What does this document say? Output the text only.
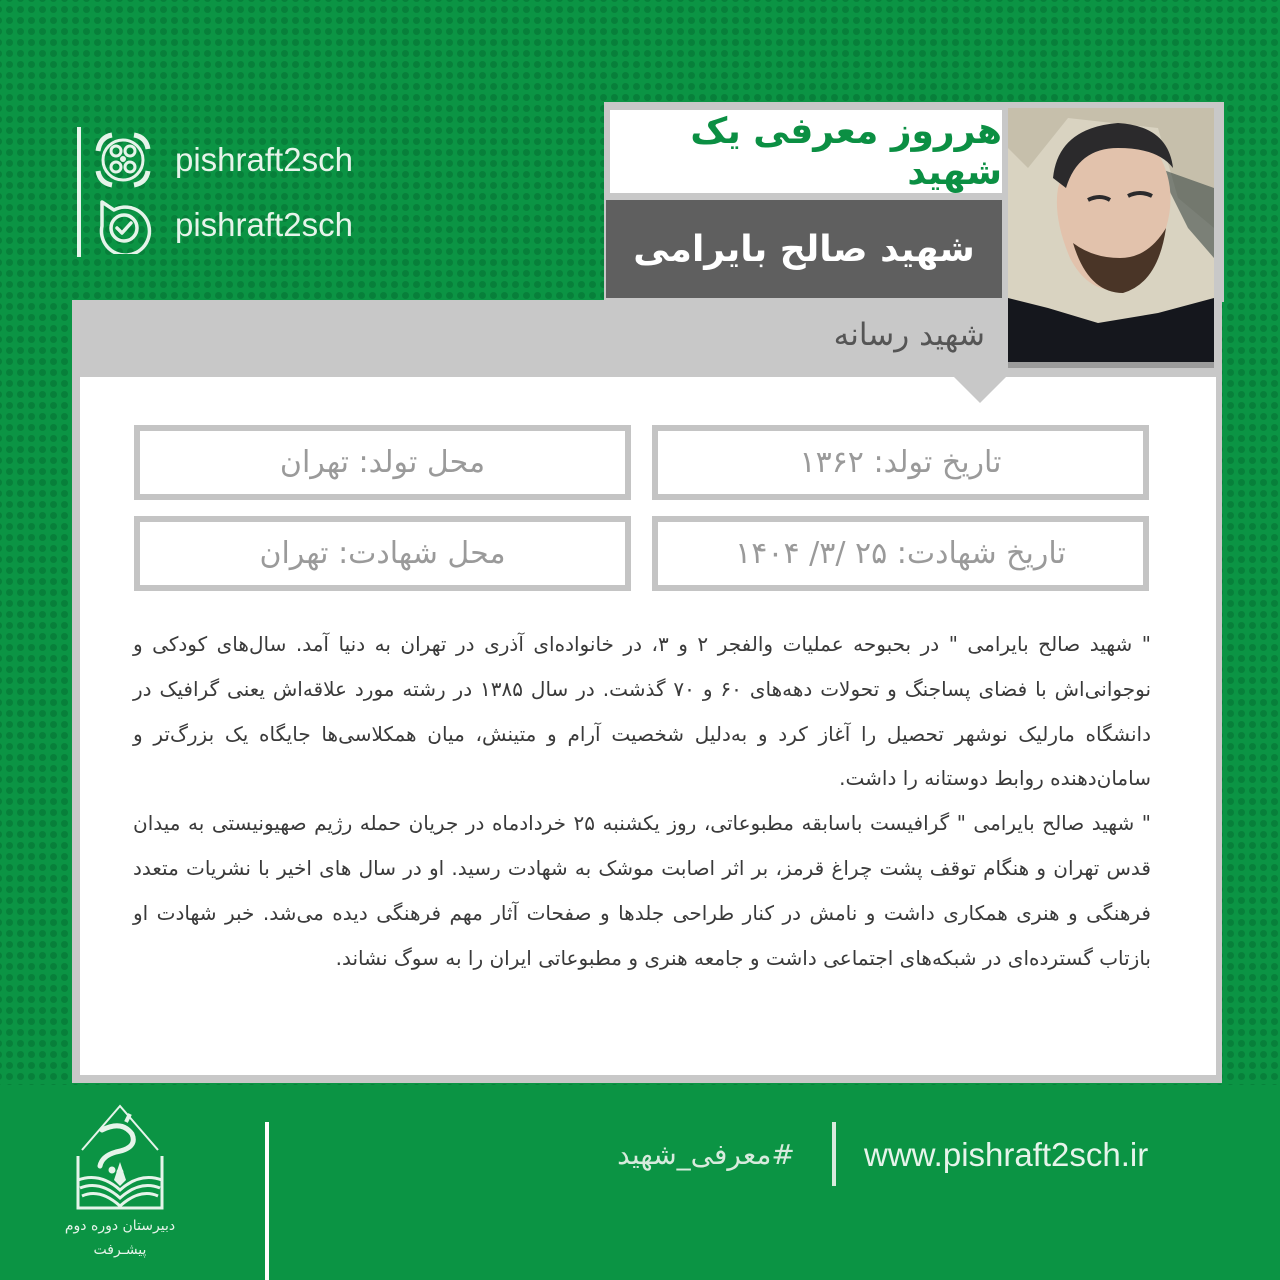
pishraft2sch
pishraft2sch
هرروز معرفی یک شهید
شهید صالح بایرامی
شهید رسانه
تاریخ تولد: ۱۳۶۲
محل تولد: تهران
تاریخ شهادت: ۲۵ /۳/ ۱۴۰۴
محل شهادت: تهران

" شهید صالح بایرامی " در بحبوحه عملیات والفجر ۲ و ۳، در خانواده‌ای آذری در تهران به دنیا آمد. سال‌های کودکی و نوجوانی‌اش با فضای پساجنگ و تحولات دهه‌های ۶۰ و ۷۰ گذشت. در سال ۱۳۸۵ در رشته مورد علاقه‌اش یعنی گرافیک در دانشگاه مارلیک نوشهر تحصیل را آغاز کرد و به‌دلیل شخصیت آرام و متینش، میان همکلاسی‌ها جایگاه یک بزرگ‌تر و سامان‌دهنده روابط دوستانه را داشت.

" شهید صالح بایرامی " گرافیست باسابقه مطبوعاتی، روز یکشنبه ۲۵ خردادماه در جریان حمله رژیم صهیونیستی به میدان قدس تهران و هنگام توقف پشت چراغ قرمز، بر اثر اصابت موشک به شهادت رسید. او در سال های اخیر با نشریات متعدد فرهنگی و هنری همکاری داشت و نامش در کنار طراحی جلدها و صفحات آثار مهم فرهنگی دیده می‌شد. خبر شهادت او بازتاب گسترده‌ای در شبکه‌های اجتماعی داشت و جامعه هنری و مطبوعاتی ایران را به سوگ نشاند.

دبیرستان دوره دوم
پیشـرفت
#معرفی_شهید	www.pishraft2sch.ir
